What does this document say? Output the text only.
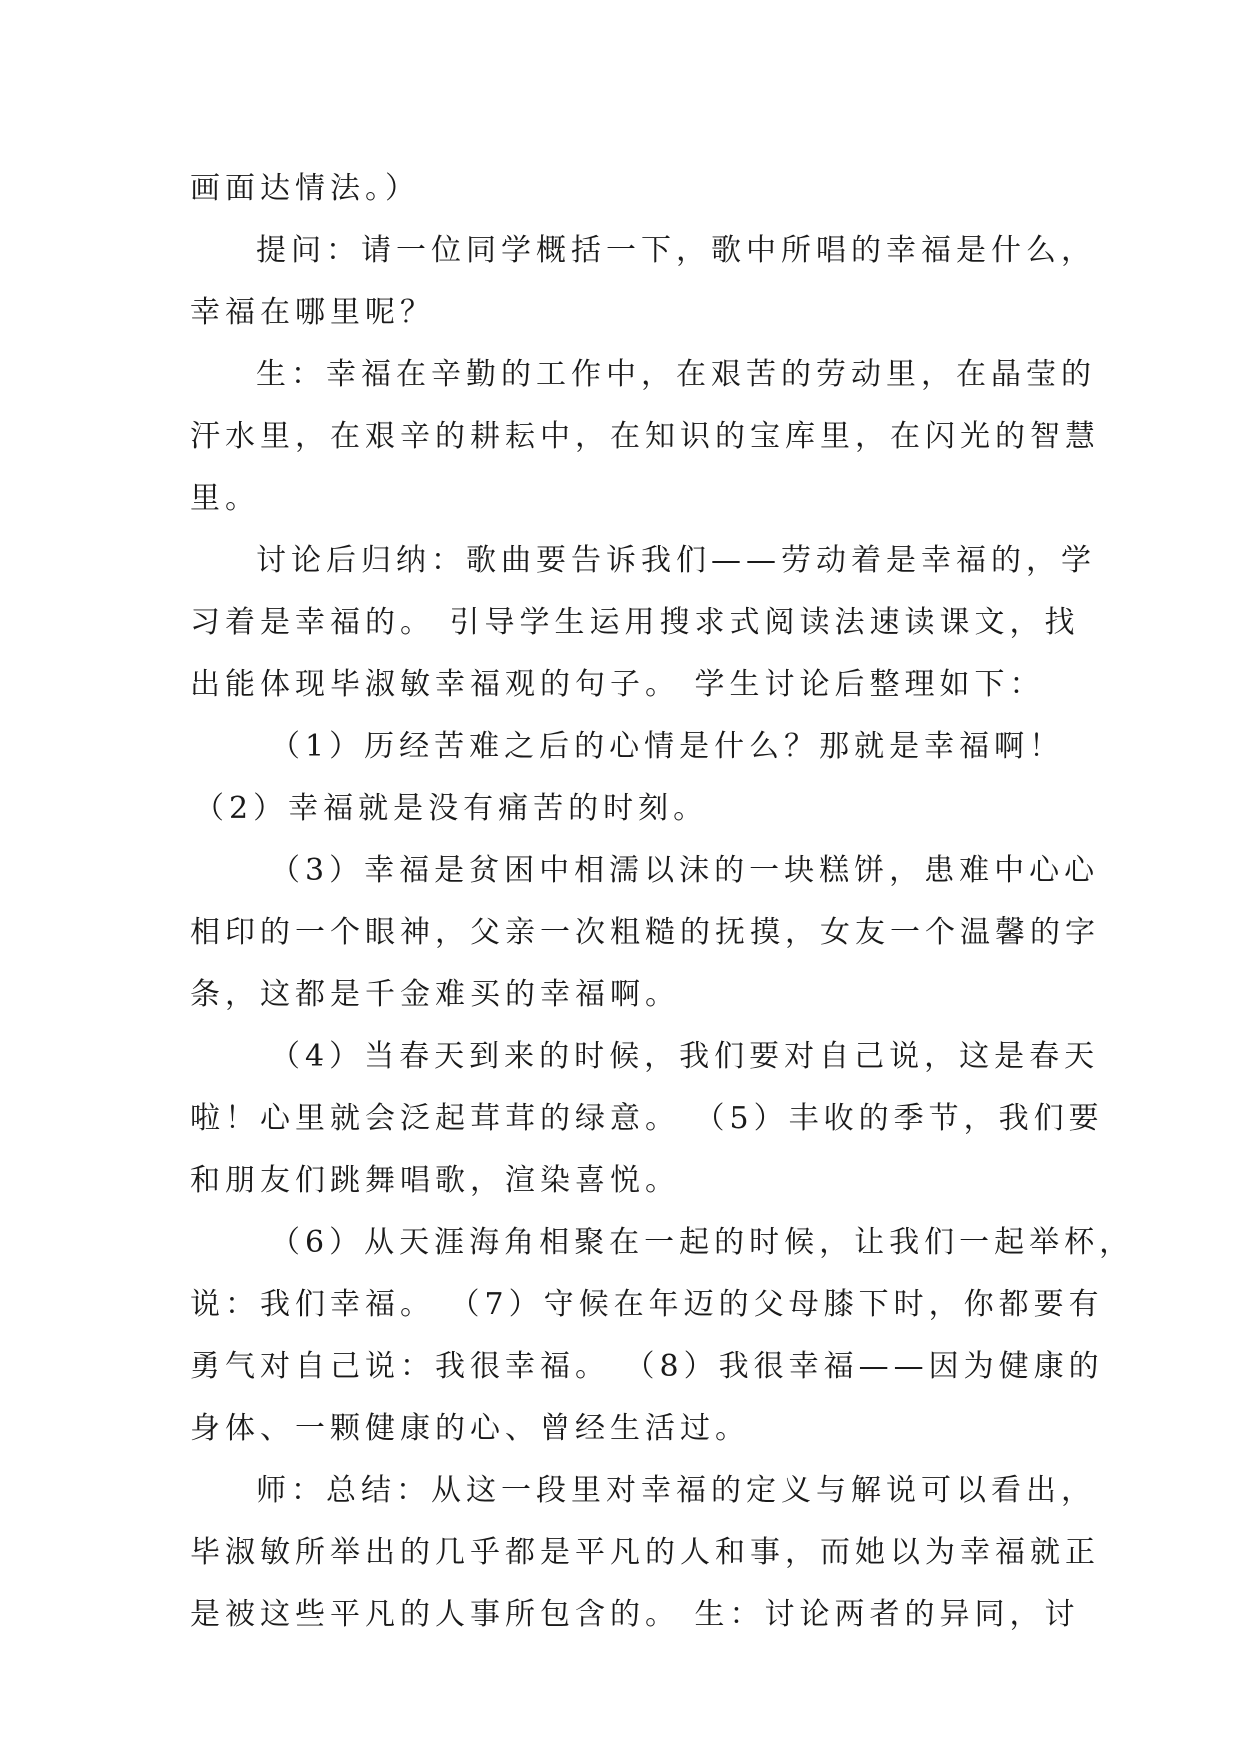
画面达情法。）
提问：请一位同学概括一下，歌中所唱的幸福是什么，
幸福在哪里呢？
生：幸福在辛勤的工作中，在艰苦的劳动里，在晶莹的
汗水里，在艰辛的耕耘中，在知识的宝库里，在闪光的智慧
里。
讨论后归纳：歌曲要告诉我们——劳动着是幸福的，学
习着是幸福的。 引导学生运用搜求式阅读法速读课文，找
出能体现毕淑敏幸福观的句子。 学生讨论后整理如下：
（1）历经苦难之后的心情是什么？那就是幸福啊！
（2）幸福就是没有痛苦的时刻。
（3）幸福是贫困中相濡以沫的一块糕饼，患难中心心
相印的一个眼神，父亲一次粗糙的抚摸，女友一个温馨的字
条，这都是千金难买的幸福啊。
（4）当春天到来的时候，我们要对自己说，这是春天
啦！心里就会泛起茸茸的绿意。 （5）丰收的季节，我们要
和朋友们跳舞唱歌，渲染喜悦。
（6）从天涯海角相聚在一起的时候，让我们一起举杯，
说：我们幸福。 （7）守候在年迈的父母膝下时，你都要有
勇气对自己说：我很幸福。 （8）我很幸福——因为健康的
身体、一颗健康的心、曾经生活过。
师：总结：从这一段里对幸福的定义与解说可以看出，
毕淑敏所举出的几乎都是平凡的人和事，而她以为幸福就正
是被这些平凡的人事所包含的。 生：讨论两者的异同，讨
